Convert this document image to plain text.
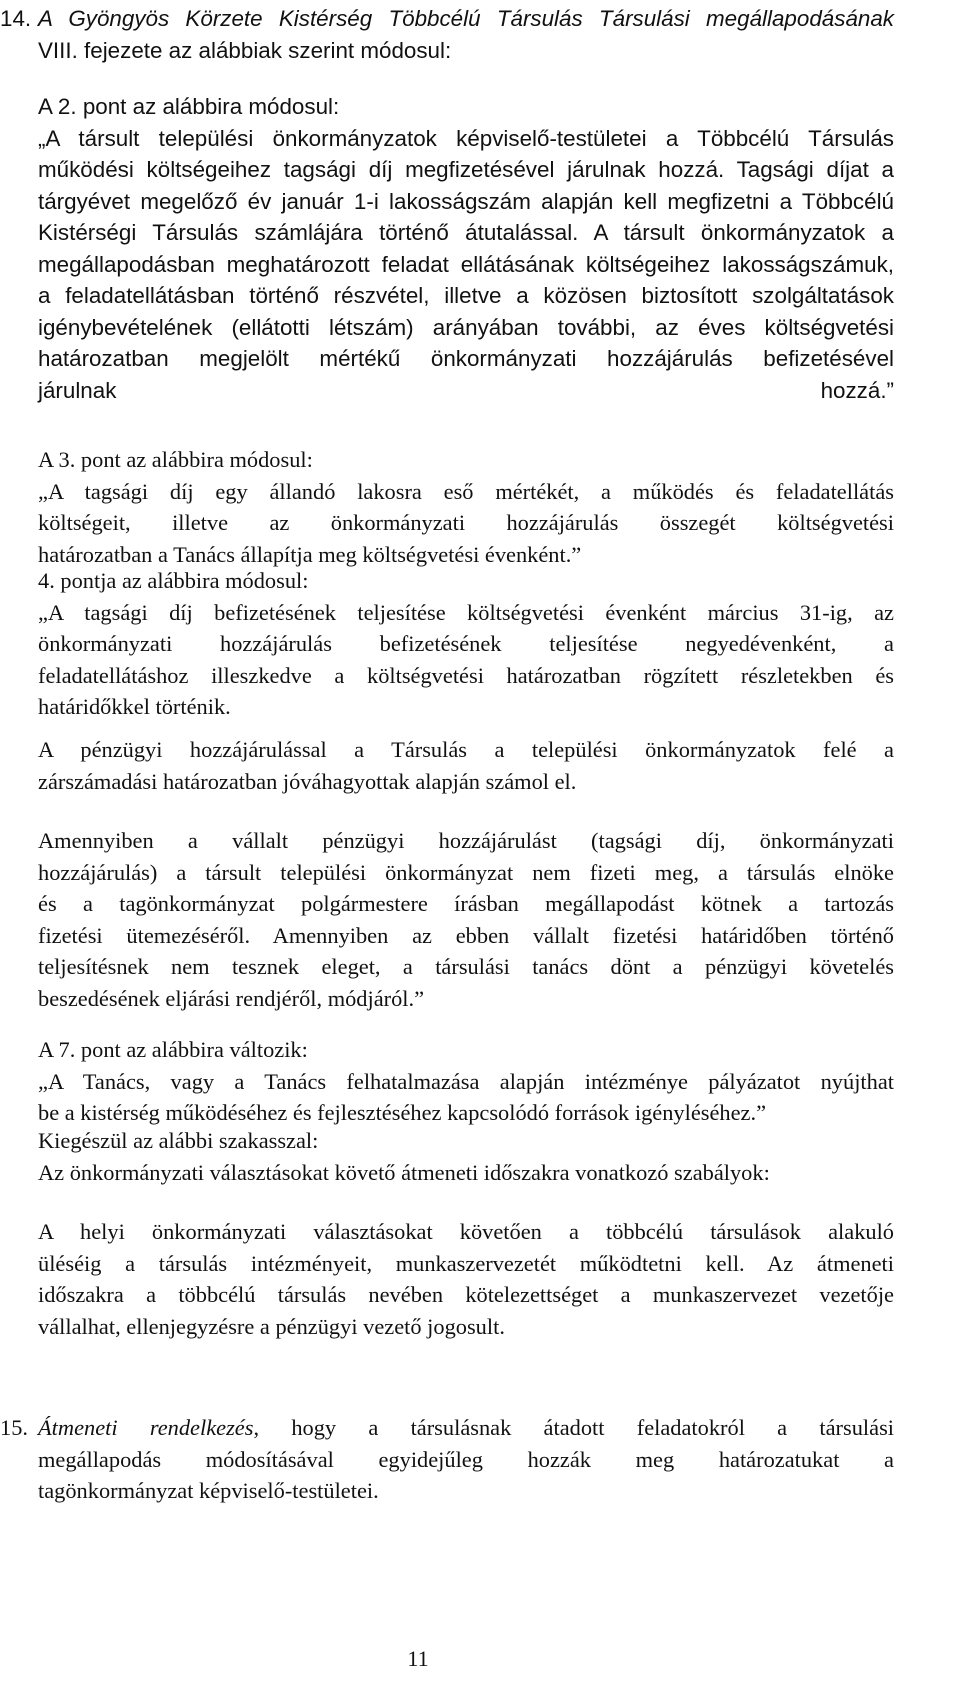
14. A Gyöngyös Körzete Kistérség Többcélú Társulás Társulási megállapodásának
VIII. fejezete az alábbiak szerint módosul:
A 2. pont az alábbira módosul:
„A társult települési önkormányzatok képviselő-testületei a Többcélú Társulás
működési költségeihez tagsági díj megfizetésével járulnak hozzá. Tagsági díjat a
tárgyévet megelőző év január 1-i lakosságszám alapján kell megfizetni a Többcélú
Kistérségi Társulás számlájára történő átutalással. A társult önkormányzatok a
megállapodásban meghatározott feladat ellátásának költségeihez lakosságszámuk,
a feladatellátásban történő részvétel, illetve a közösen biztosított szolgáltatások
igénybevételének (ellátotti létszám) arányában további, az éves költségvetési
határozatban megjelölt mértékű önkormányzati hozzájárulás befizetésével
járulnak hozzá.”
A 3. pont az alábbira módosul:
„A tagsági díj egy állandó lakosra eső mértékét, a működés és feladatellátás
költségeit, illetve az önkormányzati hozzájárulás összegét költségvetési
határozatban a Tanács állapítja meg költségvetési évenként.”
4. pontja az alábbira módosul:
„A tagsági díj befizetésének teljesítése költségvetési évenként március 31-ig, az
önkormányzati hozzájárulás befizetésének teljesítése negyedévenként, a
feladatellátáshoz illeszkedve a költségvetési határozatban rögzített részletekben és
határidőkkel történik.
A pénzügyi hozzájárulással a Társulás a települési önkormányzatok felé a
zárszámadási határozatban jóváhagyottak alapján számol el.
Amennyiben a vállalt pénzügyi hozzájárulást (tagsági díj, önkormányzati
hozzájárulás) a társult települési önkormányzat nem fizeti meg, a társulás elnöke
és a tagönkormányzat polgármestere írásban megállapodást kötnek a tartozás
fizetési ütemezéséről. Amennyiben az ebben vállalt fizetési határidőben történő
teljesítésnek nem tesznek eleget, a társulási tanács dönt a pénzügyi követelés
beszedésének eljárási rendjéről, módjáról.”
A 7. pont az alábbira változik:
„A Tanács, vagy a Tanács felhatalmazása alapján intézménye pályázatot nyújthat
be a kistérség működéséhez és fejlesztéséhez kapcsolódó források igényléséhez.”
Kiegészül az alábbi szakasszal:
Az önkormányzati választásokat követő átmeneti időszakra vonatkozó szabályok:
A helyi önkormányzati választásokat követően a többcélú társulások alakuló
üléséig a társulás intézményeit, munkaszervezetét működtetni kell. Az átmeneti
időszakra a többcélú társulás nevében kötelezettséget a munkaszervezet vezetője
vállalhat, ellenjegyzésre a pénzügyi vezető jogosult.
15. Átmeneti rendelkezés, hogy a társulásnak átadott feladatokról a társulási
megállapodás módosításával egyidejűleg hozzák meg határozatukat a
tagönkormányzat képviselő-testületei.
11
